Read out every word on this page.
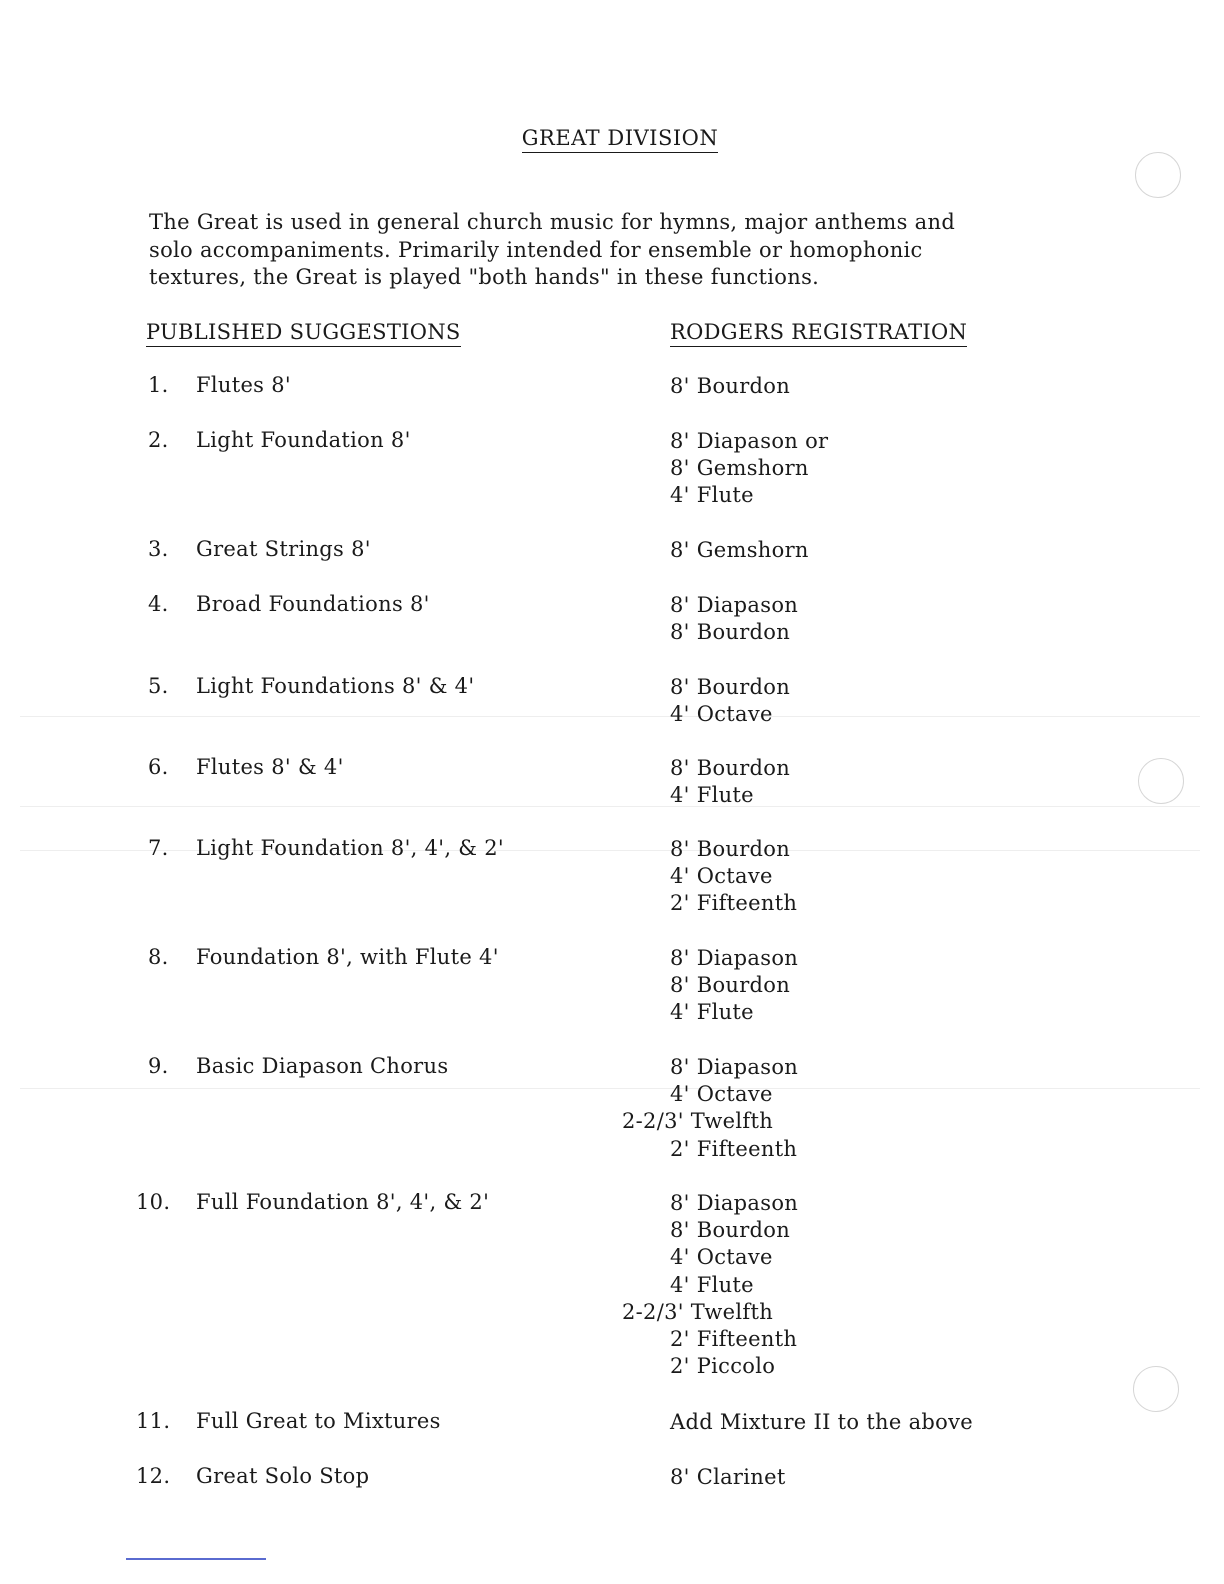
GREAT DIVISION
The Great is used in general church music for hymns, major anthems and
solo accompaniments. Primarily intended for ensemble or homophonic
textures, the Great is played "both hands" in these functions.
PUBLISHED SUGGESTIONS	RODGERS REGISTRATION
1. Flutes 8'	8' Bourdon
2. Light Foundation 8'	8' Diapason or
8' Gemshorn
4' Flute
3. Great Strings 8'	8' Gemshorn
4. Broad Foundations 8'	8' Diapason
8' Bourdon
5. Light Foundations 8' & 4'	8' Bourdon
4' Octave
6. Flutes 8' & 4'	8' Bourdon
4' Flute
7. Light Foundation 8', 4', & 2'	8' Bourdon
4' Octave
2' Fifteenth
8. Foundation 8', with Flute 4'	8' Diapason
8' Bourdon
4' Flute
9. Basic Diapason Chorus	8' Diapason
4' Octave
2-2/3' Twelfth
2' Fifteenth
10. Full Foundation 8', 4', & 2'	8' Diapason
8' Bourdon
4' Octave
4' Flute
2-2/3' Twelfth
2' Fifteenth
2' Piccolo
11. Full Great to Mixtures	Add Mixture II to the above
12. Great Solo Stop	8' Clarinet
